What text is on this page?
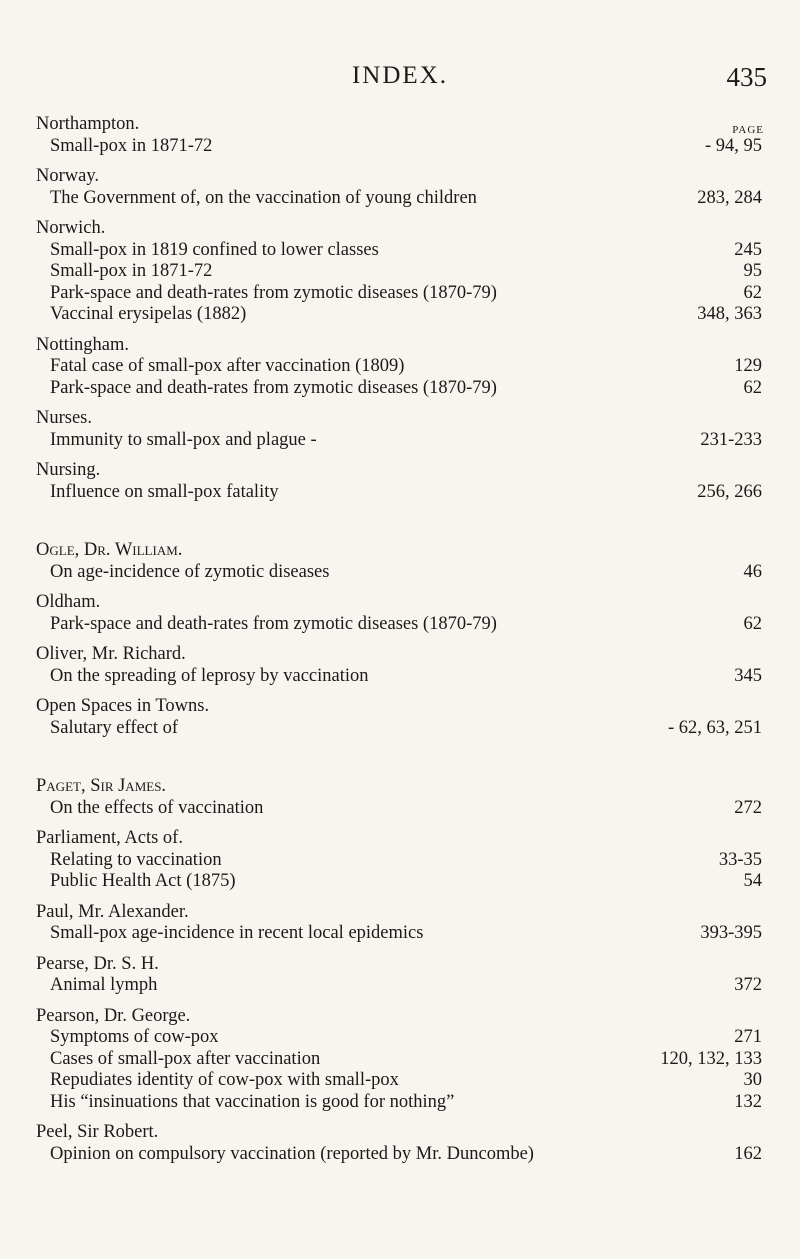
INDEX.	435
PAGE
Northampton.
Small-pox in 1871-72	- 94, 95
Norway.
The Government of, on the vaccination of young children	283, 284
Norwich.
Small-pox in 1819 confined to lower classes	245
Small-pox in 1871-72	95
Park-space and death-rates from zymotic diseases (1870-79)	62
Vaccinal erysipelas (1882)	348, 363
Nottingham.
Fatal case of small-pox after vaccination (1809)	129
Park-space and death-rates from zymotic diseases (1870-79)	62
Nurses.
Immunity to small-pox and plague -	231-233
Nursing.
Influence on small-pox fatality	256, 266
Ogle, Dr. William.
On age-incidence of zymotic diseases	46
Oldham.
Park-space and death-rates from zymotic diseases (1870-79)	62
Oliver, Mr. Richard.
On the spreading of leprosy by vaccination	345
Open Spaces in Towns.
Salutary effect of	- 62, 63, 251
Paget, Sir James.
On the effects of vaccination	272
Parliament, Acts of.
Relating to vaccination	33-35
Public Health Act (1875)	54
Paul, Mr. Alexander.
Small-pox age-incidence in recent local epidemics	393-395
Pearse, Dr. S. H.
Animal lymph	372
Pearson, Dr. George.
Symptoms of cow-pox	271
Cases of small-pox after vaccination	120, 132, 133
Repudiates identity of cow-pox with small-pox	30
His “insinuations that vaccination is good for nothing”	132
Peel, Sir Robert.
Opinion on compulsory vaccination (reported by Mr. Duncombe)	162
